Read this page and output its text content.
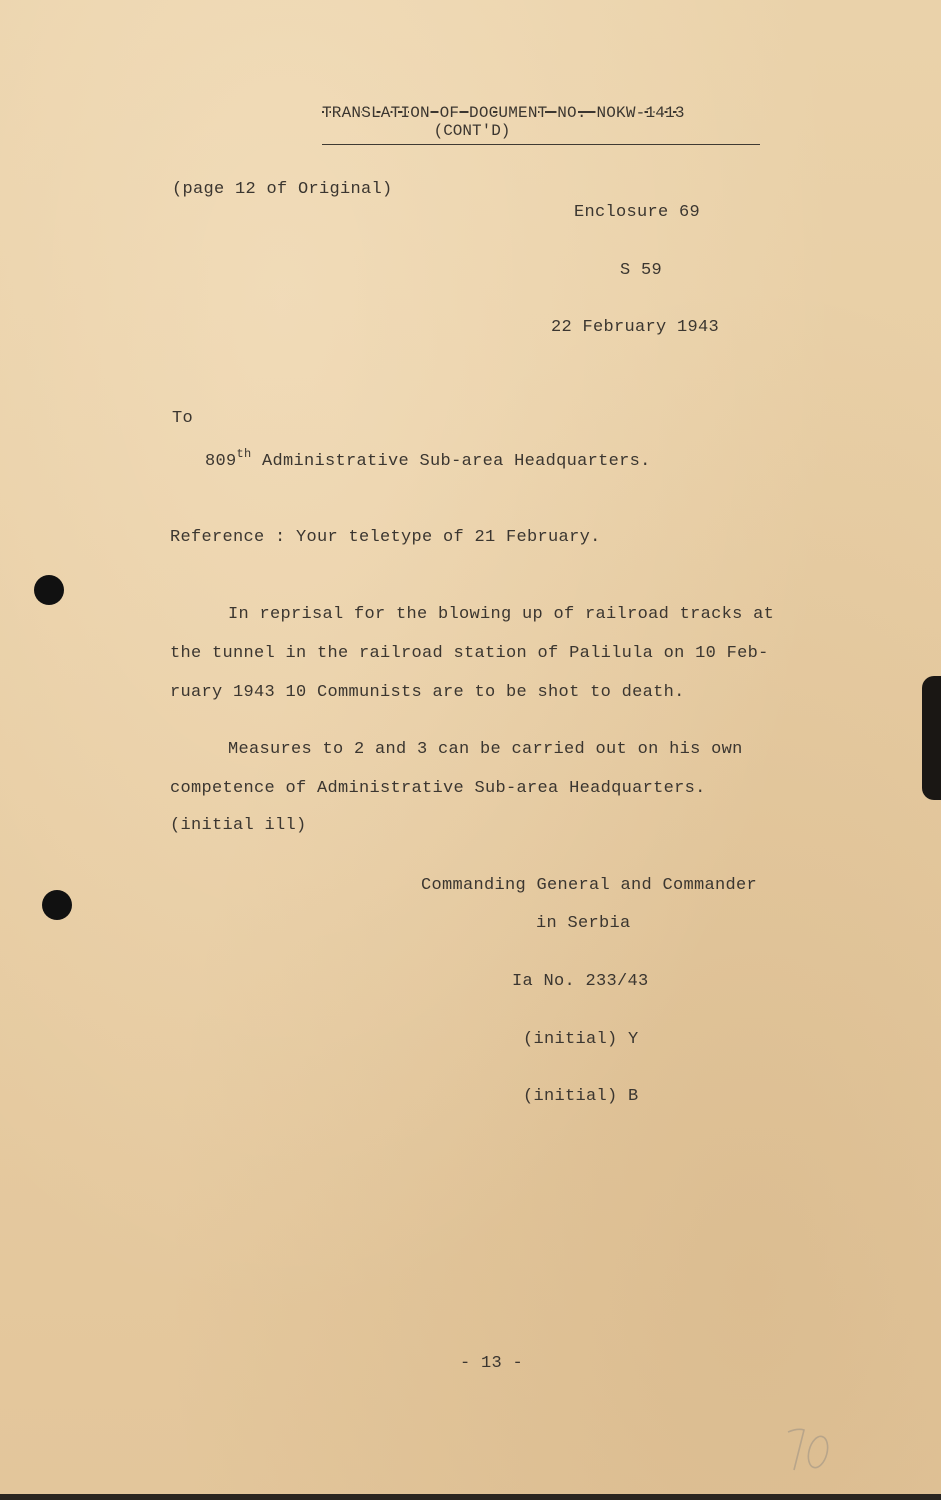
TRANSLATION OF DOCUMENT NO. NOKW-1413
(CONT'D)
(page 12 of Original)
Enclosure 69
S 59
22 February 1943
To
809th Administrative Sub-area Headquarters.
Reference : Your teletype of 21 February.
In reprisal for the blowing up of railroad tracks at
the tunnel in the railroad station of Palilula on 10 Feb-
ruary 1943 10 Communists are to be shot to death.
Measures to 2 and 3 can be carried out on his own
competence of Administrative Sub-area Headquarters.
(initial ill)
Commanding General and Commander
in Serbia
Ia No. 233/43
(initial) Y
(initial) B
- 13 -
